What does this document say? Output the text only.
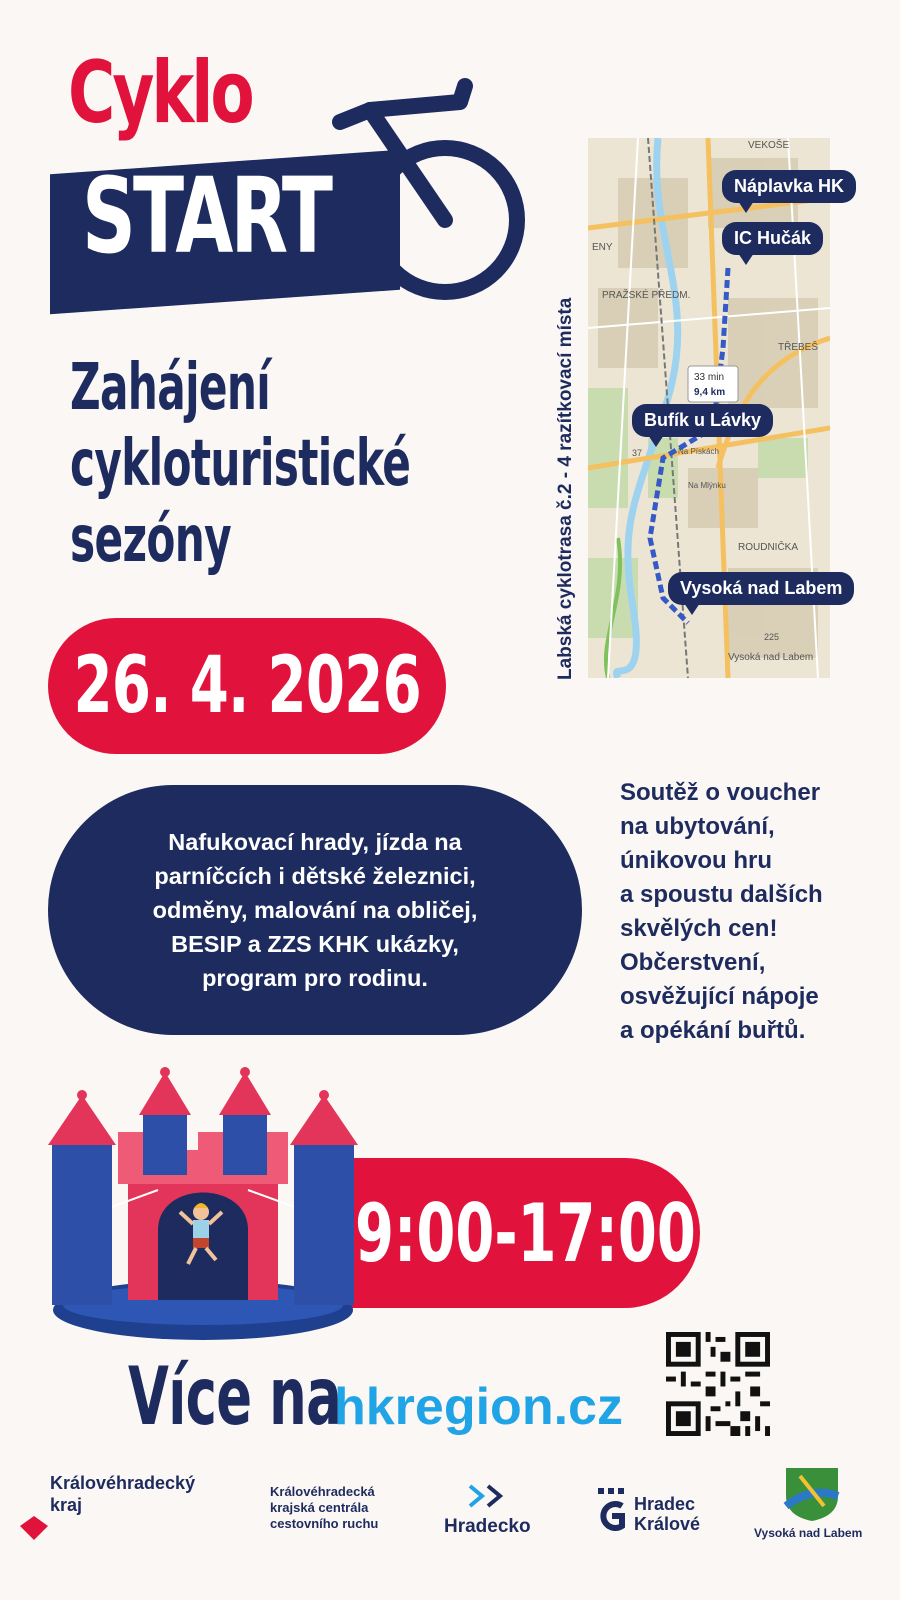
Cyklo
START
Zahájení
cykloturistické
sezóny
26. 4. 2026
Labská cyklotrasa č.2 - 4 razítkovací místa	33 min
9,4 km
VEKOŠE
PRAŽSKÉ PŘEDM.
TŘEBEŠ
Na Pískách
Na Mlýnku
ROUDNIČKA
Vysoká nad Labem
ENY
37
225
Náplavka HK
IC Hučák
Bufík u Lávky
Vysoká nad Labem

Nafukovací hrady, jízda na
parníčcích i dětské železnici,
odměny, malování na obličej,
BESIP a ZZS KHK ukázky,
program pro rodinu.

Soutěž o voucher
na ubytování,
únikovou hru
a spoustu dalších
skvělých cen!
Občerstvení,
osvěžující nápoje
a opékání buřtů.
9:00-17:00
Více na
hkregion.cz
Královéhradecký
kraj
Královéhradecká
krajská centrála
cestovního ruchu	Hradecko
Hradec
Králové	Vysoká nad Labem
